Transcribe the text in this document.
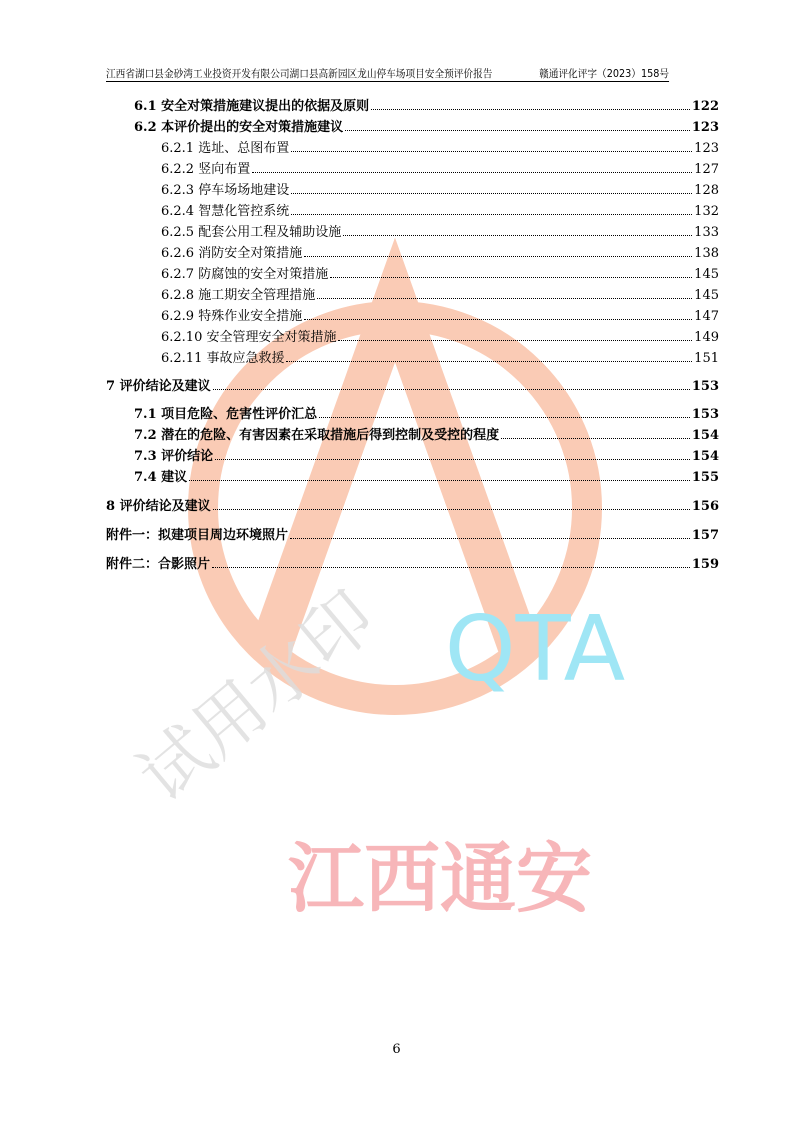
QTA
试用水印
江西通安
江西省湖口县金砂湾工业投资开发有限公司湖口县高新园区龙山停车场项目安全预评价报告	赣通评化评字（2023）158号
6.1 安全对策措施建议提出的依据及原则	122
6.2 本评价提出的安全对策措施建议	123
6.2.1 选址、总图布置	123
6.2.2 竖向布置	127
6.2.3 停车场场地建设	128
6.2.4 智慧化管控系统	132
6.2.5 配套公用工程及辅助设施	133
6.2.6 消防安全对策措施	138
6.2.7 防腐蚀的安全对策措施	145
6.2.8 施工期安全管理措施	145
6.2.9 特殊作业安全措施	147
6.2.10 安全管理安全对策措施	149
6.2.11 事故应急救援	151
7 评价结论及建议	153
7.1 项目危险、危害性评价汇总	153
7.2 潜在的危险、有害因素在采取措施后得到控制及受控的程度	154
7.3 评价结论	154
7.4 建议	155
8 评价结论及建议	156
附件一：拟建项目周边环境照片	157
附件二：合影照片	159
6
